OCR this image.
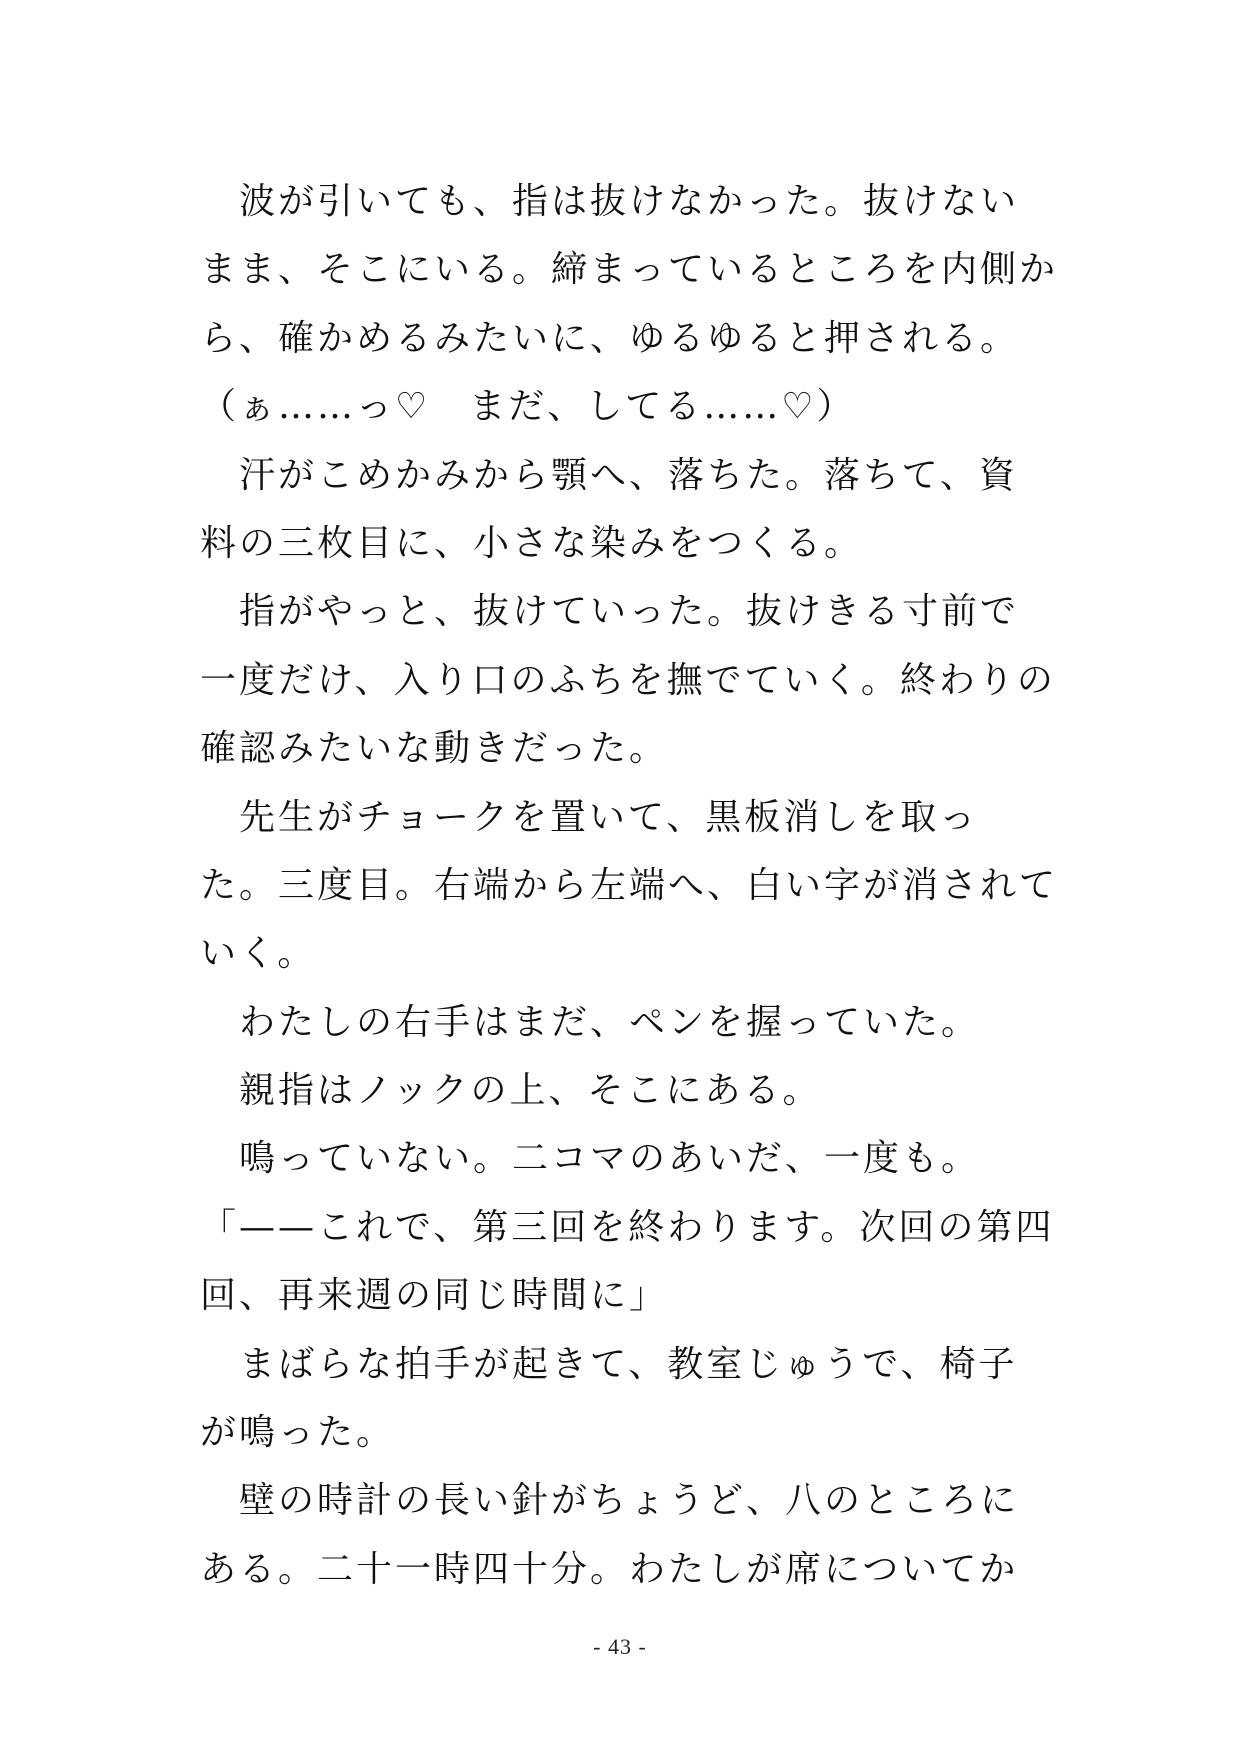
　波が引いても、指は抜けなかった。抜けない
まま、そこにいる。締まっているところを内側か
ら、確かめるみたいに、ゆるゆると押される。
（ぁ……っ♡　まだ、してる……♡）
　汗がこめかみから顎へ、落ちた。落ちて、資
料の三枚目に、小さな染みをつくる。
　指がやっと、抜けていった。抜けきる寸前で
一度だけ、入り口のふちを撫でていく。終わりの
確認みたいな動きだった。
　先生がチョークを置いて、黒板消しを取っ
た。三度目。右端から左端へ、白い字が消されて
いく。
　わたしの右手はまだ、ペンを握っていた。
　親指はノックの上、そこにある。
　鳴っていない。二コマのあいだ、一度も。
「——これで、第三回を終わります。次回の第四
回、再来週の同じ時間に」
　まばらな拍手が起きて、教室じゅうで、椅子
が鳴った。
　壁の時計の長い針がちょうど、八のところに
ある。二十一時四十分。わたしが席についてか
- 43 -
